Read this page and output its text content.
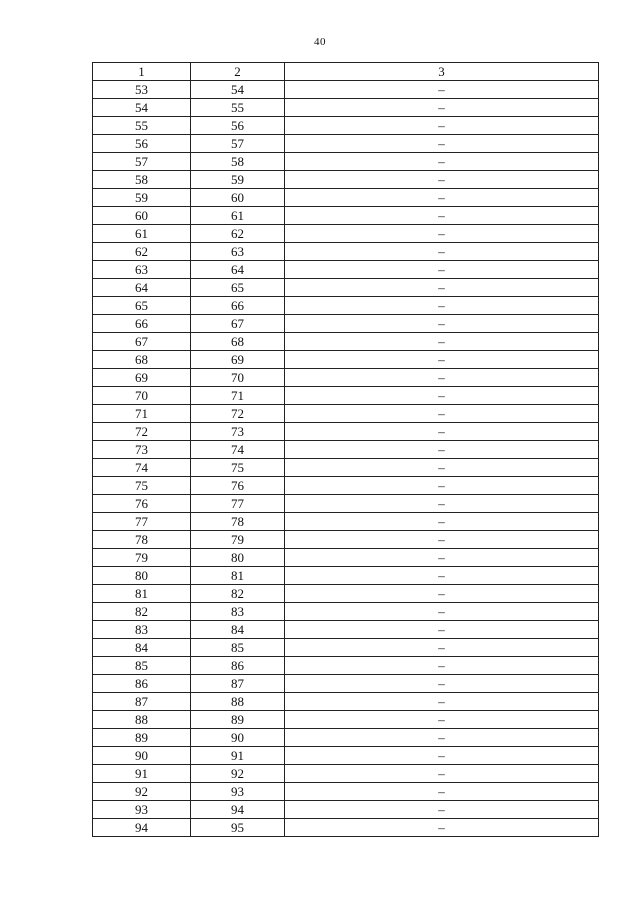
40
1	2	3
53	54	–
54	55	–
55	56	–
56	57	–
57	58	–
58	59	–
59	60	–
60	61	–
61	62	–
62	63	–
63	64	–
64	65	–
65	66	–
66	67	–
67	68	–
68	69	–
69	70	–
70	71	–
71	72	–
72	73	–
73	74	–
74	75	–
75	76	–
76	77	–
77	78	–
78	79	–
79	80	–
80	81	–
81	82	–
82	83	–
83	84	–
84	85	–
85	86	–
86	87	–
87	88	–
88	89	–
89	90	–
90	91	–
91	92	–
92	93	–
93	94	–
94	95	–
